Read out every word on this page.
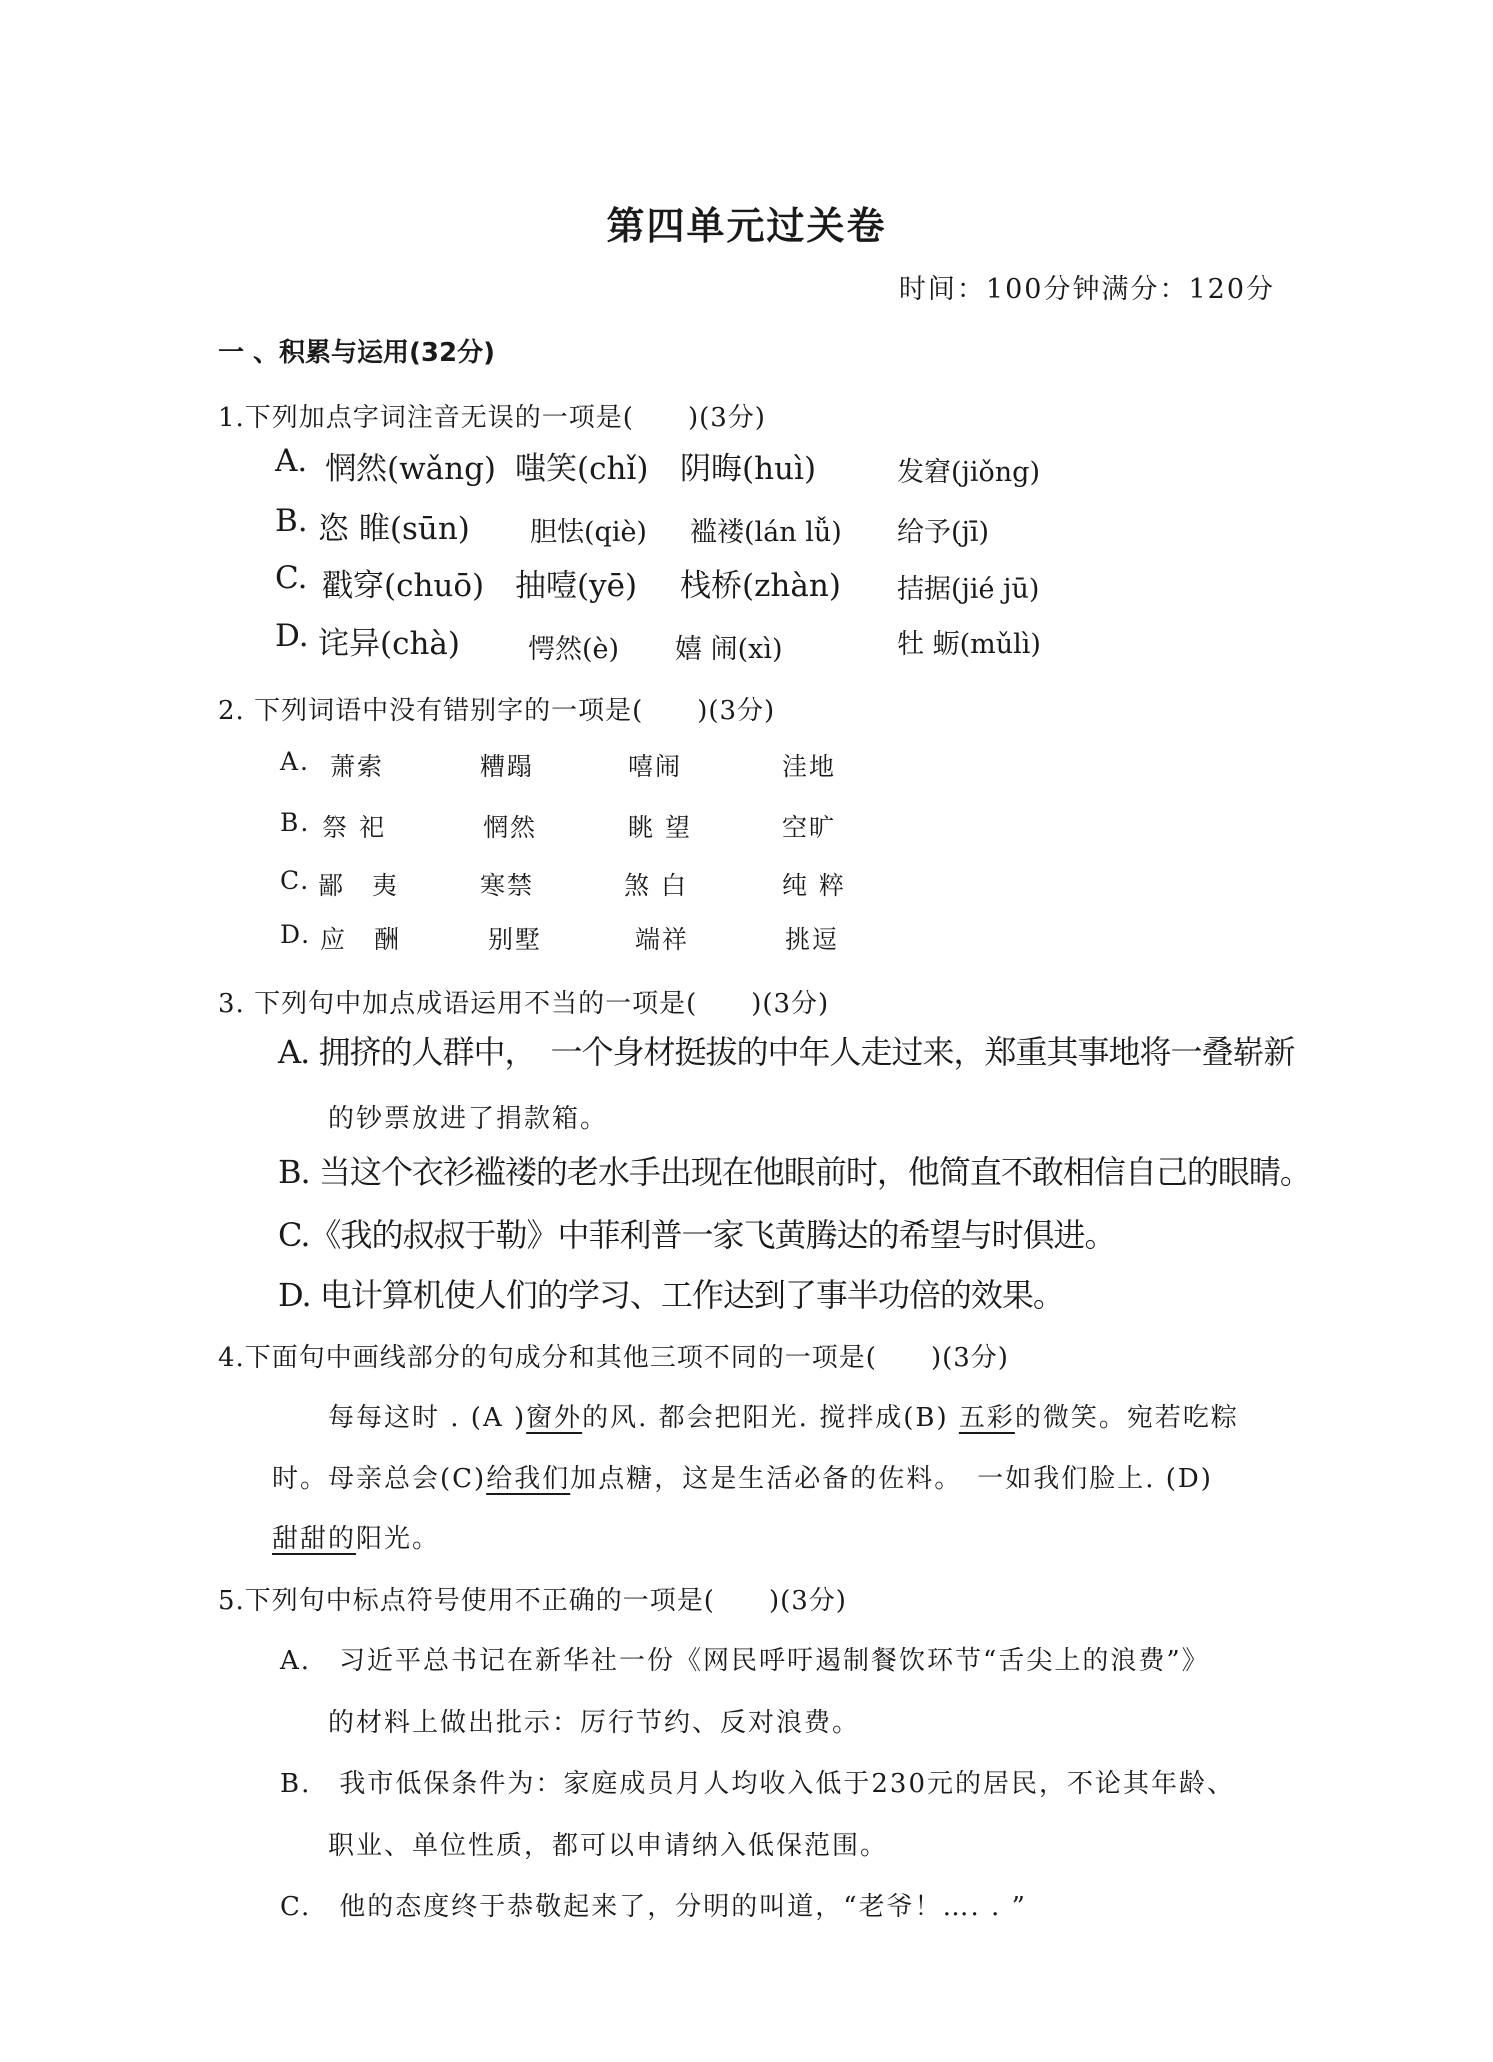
第四单元过关卷
时间：100分钟满分：120分
一 、积累与运用(32分)
1.下列加点字词注音无误的一项是(　　)(3分)
A. 惘然(wǎng) 嗤笑(chǐ) 阴晦(huì)	发窘(jiǒng)
B. 恣 睢(sūn) 胆怯(qiè) 褴褛(lán lǚ) 给予(jī)
C. 戳穿(chuō) 抽噎(yē) 栈桥(zhàn) 拮据(jié jū)
D. 诧异(chà)	愕然(è) 嬉 闹(xì)	牡 蛎(mǔlì)
2. 下列词语中没有错别字的一项是(　　)(3分)
A. 萧索	糟蹋	嘻闹	洼地
B. 祭 祀	惘然	眺 望	空旷
C. 鄙　夷	寒禁	煞 白	纯 粹
D. 应　酬	别墅	端祥	挑逗
3. 下列句中加点成语运用不当的一项是(　　)(3分)
A. 拥挤的人群中，　一个身材挺拔的中年人走过来，郑重其事地将一叠崭新
的钞票放进了捐款箱。
B. 当这个衣衫褴褛的老水手出现在他眼前时，他简直不敢相信自己的眼睛。
C.《我的叔叔于勒》中菲利普一家飞黄腾达的希望与时俱进。
D. 电计算机使人们的学习、工作达到了事半功倍的效果。
4.下面句中画线部分的句成分和其他三项不同的一项是(　　)(3分)
每每这时 . (A )窗外的风. 都会把阳光. 搅拌成(B) 五彩的微笑。宛若吃粽
时。母亲总会(C)给我们加点糖，这是生活必备的佐料。　一如我们脸上. (D)
甜甜的阳光。
5.下列句中标点符号使用不正确的一项是(　　)(3分)
A.　习近平总书记在新华社一份《网民呼吁遏制餐饮环节“舌尖上的浪费”》
的材料上做出批示：厉行节约、反对浪费。
B.　我市低保条件为：家庭成员月人均收入低于230元的居民，不论其年龄、
职业、单位性质，都可以申请纳入低保范围。
C.　他的态度终于恭敬起来了，分明的叫道，“老爷！…. . ”
